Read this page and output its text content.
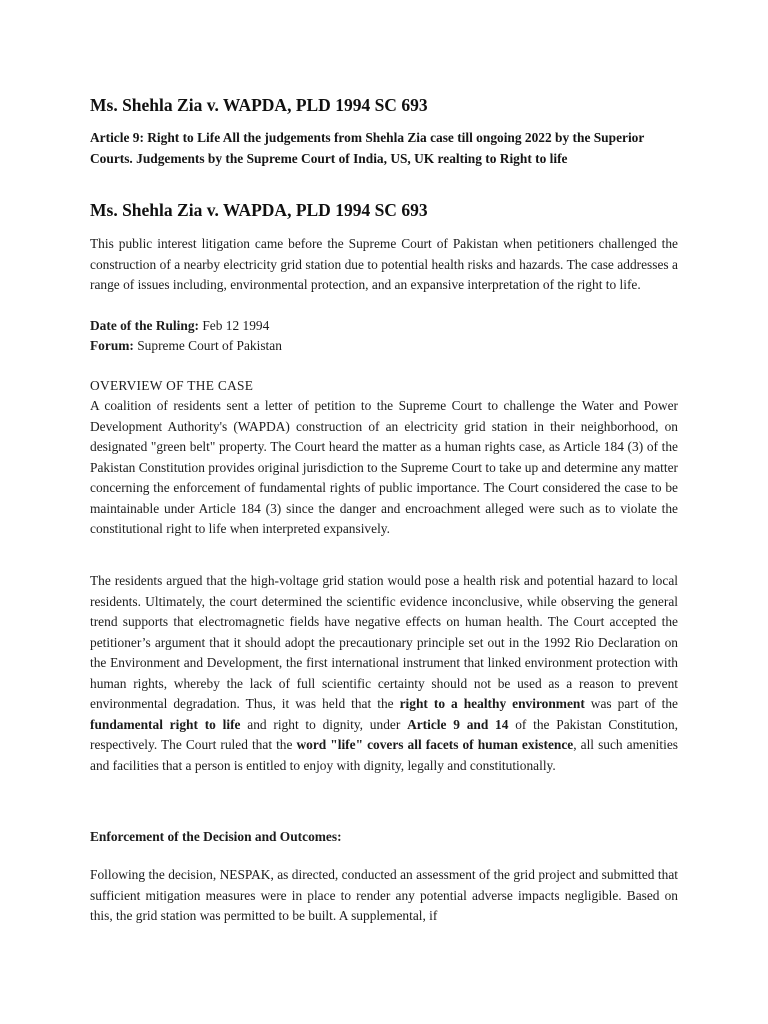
Ms. Shehla Zia v. WAPDA, PLD 1994 SC 693

Article 9: Right to Life All the judgements from Shehla Zia case till ongoing 2022 by the Superior Courts. Judgements by the Supreme Court of India, US, UK realting to Right to life

Ms. Shehla Zia v. WAPDA, PLD 1994 SC 693

This public interest litigation came before the Supreme Court of Pakistan when petitioners challenged the construction of a nearby electricity grid station due to potential health risks and hazards. The case addresses a range of issues including, environmental protection, and an expansive interpretation of the right to life.

Date of the Ruling: Feb 12 1994
Forum: Supreme Court of Pakistan
OVERVIEW OF THE CASE

A coalition of residents sent a letter of petition to the Supreme Court to challenge the Water and Power Development Authority's (WAPDA) construction of an electricity grid station in their neighborhood, on designated "green belt" property. The Court heard the matter as a human rights case, as Article 184 (3) of the Pakistan Constitution provides original jurisdiction to the Supreme Court to take up and determine any matter concerning the enforcement of fundamental rights of public importance. The Court considered the case to be maintainable under Article 184 (3) since the danger and encroachment alleged were such as to violate the constitutional right to life when interpreted expansively.

The residents argued that the high-voltage grid station would pose a health risk and potential hazard to local residents. Ultimately, the court determined the scientific evidence inconclusive, while observing the general trend supports that electromagnetic fields have negative effects on human health. The Court accepted the petitioner’s argument that it should adopt the precautionary principle set out in the 1992 Rio Declaration on the Environment and Development, the first international instrument that linked environment protection with human rights, whereby the lack of full scientific certainty should not be used as a reason to prevent environmental degradation. Thus, it was held that the right to a healthy environment was part of the fundamental right to life and right to dignity, under Article 9 and 14 of the Pakistan Constitution, respectively. The Court ruled that the word "life" covers all facets of human existence, all such amenities and facilities that a person is entitled to enjoy with dignity, legally and constitutionally.

Enforcement of the Decision and Outcomes:

Following the decision, NESPAK, as directed, conducted an assessment of the grid project and submitted that sufficient mitigation measures were in place to render any potential adverse impacts negligible. Based on this, the grid station was permitted to be built. A supplemental, if
